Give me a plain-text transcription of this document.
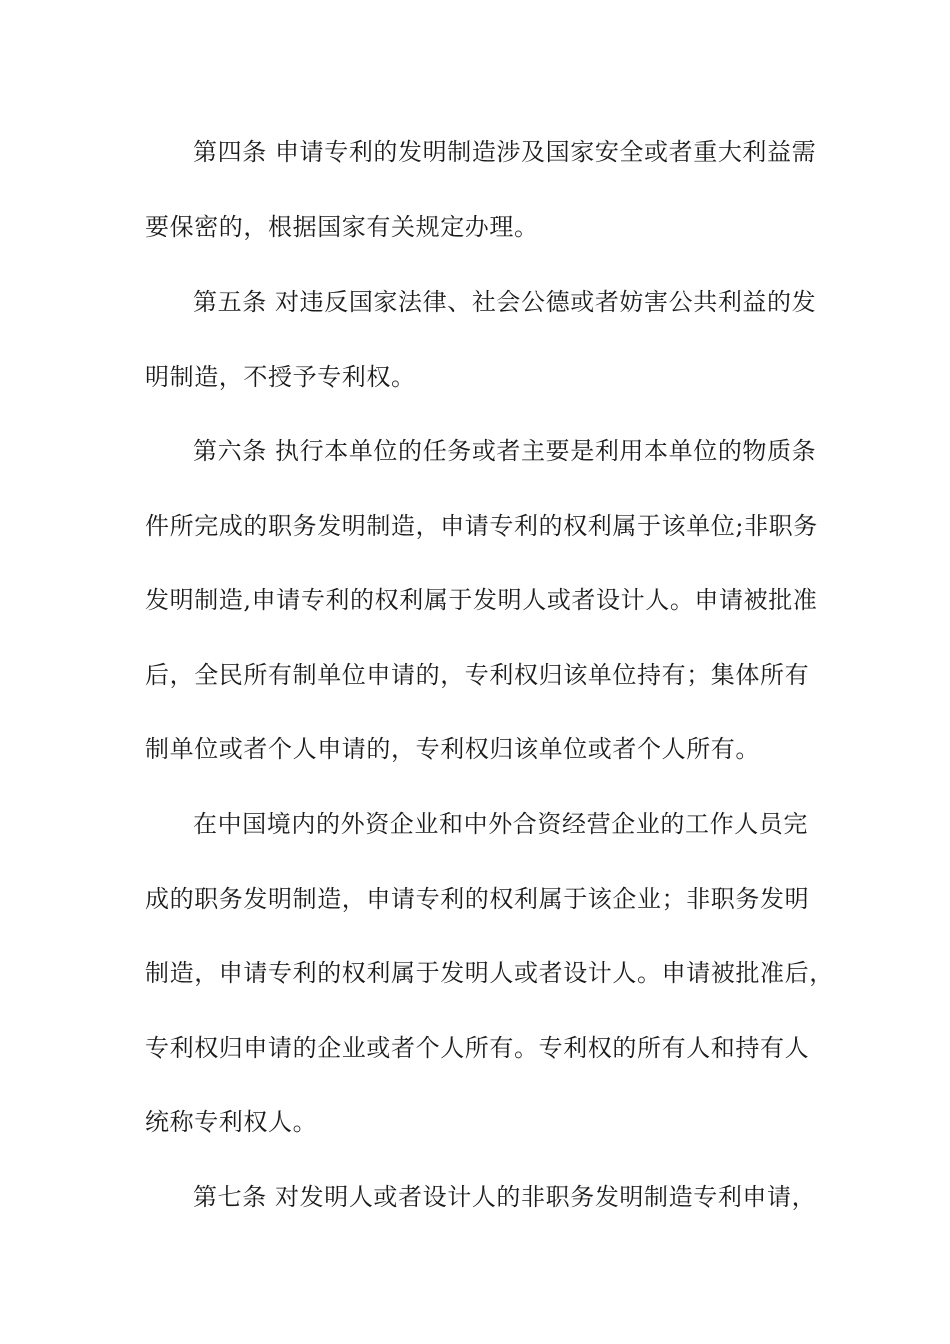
第四条 申请专利的发明制造涉及国家安全或者重大利益需
要保密的，根据国家有关规定办理。
第五条 对违反国家法律、社会公德或者妨害公共利益的发
明制造，不授予专利权。
第六条 执行本单位的任务或者主要是利用本单位的物质条
件所完成的职务发明制造，申请专利的权利属于该单位;非职务
发明制造,申请专利的权利属于发明人或者设计人。申请被批准
后，全民所有制单位申请的，专利权归该单位持有；集体所有
制单位或者个人申请的，专利权归该单位或者个人所有。
在中国境内的外资企业和中外合资经营企业的工作人员完
成的职务发明制造，申请专利的权利属于该企业；非职务发明
制造，申请专利的权利属于发明人或者设计人。申请被批准后，
专利权归申请的企业或者个人所有。专利权的所有人和持有人
统称专利权人。
第七条 对发明人或者设计人的非职务发明制造专利申请，
